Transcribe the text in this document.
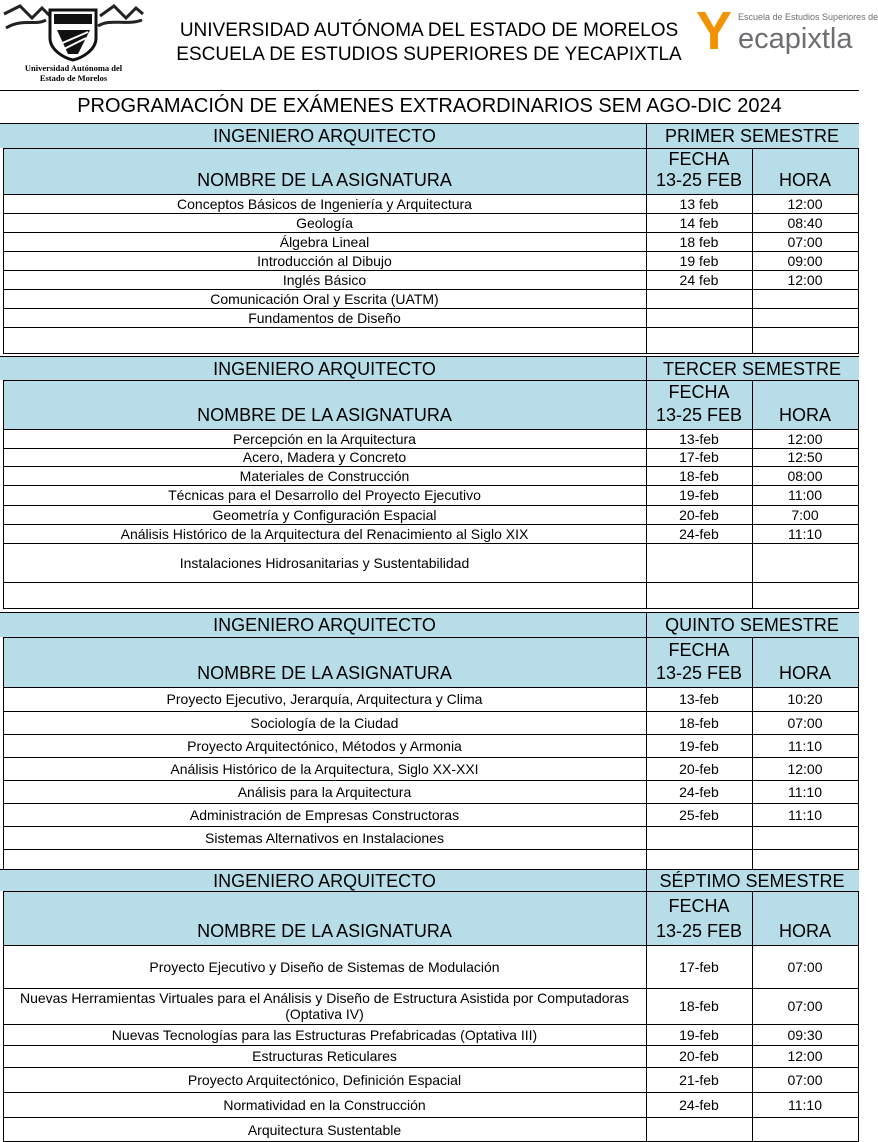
Universidad Autónoma del
Estado de Morelos
UNIVERSIDAD AUTÓNOMA DEL ESTADO DE MORELOS
ESCUELA DE ESTUDIOS SUPERIORES DE YECAPIXTLA Y Escuela de Estudios Superiores de
ecapixtla
PROGRAMACIÓN DE EXÁMENES EXTRAORDINARIOS SEM AGO-DIC 2024
INGENIERO ARQUITECTO	PRIMER SEMESTRE
NOMBRE DE LA ASIGNATURA
FECHA
13-25 FEB	HORA
Conceptos Básicos de Ingeniería y Arquitectura	13 feb	12:00
Geología	14 feb	08:40
Álgebra Lineal	18 feb	07:00
Introducción al Dibujo	19 feb	09:00
Inglés Básico	24 feb	12:00
Comunicación Oral y Escrita (UATM)
Fundamentos de Diseño
INGENIERO ARQUITECTO	TERCER SEMESTRE
NOMBRE DE LA ASIGNATURA
FECHA
13-25 FEB	HORA
Percepción en la Arquitectura	13-feb	12:00
Acero, Madera y Concreto	17-feb	12:50
Materiales de Construcción	18-feb	08:00
Técnicas para el Desarrollo del Proyecto Ejecutivo	19-feb	11:00
Geometría y Configuración Espacial	20-feb	7:00
Análisis Histórico de la Arquitectura del Renacimiento al Siglo XIX	24-feb	11:10
Instalaciones Hidrosanitarias y Sustentabilidad
INGENIERO ARQUITECTO	QUINTO SEMESTRE
NOMBRE DE LA ASIGNATURA
FECHA
13-25 FEB	HORA
Proyecto Ejecutivo, Jerarquía, Arquitectura y Clima	13-feb	10:20
Sociología de la Ciudad	18-feb	07:00
Proyecto Arquitectónico, Métodos y Armonia	19-feb	11:10
Análisis Histórico de la Arquitectura, Siglo XX-XXI	20-feb	12:00
Análisis para la Arquitectura	24-feb	11:10
Administración de Empresas Constructoras	25-feb	11:10
Sistemas Alternativos en Instalaciones
INGENIERO ARQUITECTO	SÉPTIMO SEMESTRE
NOMBRE DE LA ASIGNATURA
FECHA
13-25 FEB	HORA
Proyecto Ejecutivo y Diseño de Sistemas de Modulación	17-feb	07:00
Nuevas Herramientas Virtuales para el Análisis y Diseño de Estructura Asistida por Computadoras (Optativa IV)	18-feb	07:00
Nuevas Tecnologías para las Estructuras Prefabricadas (Optativa III)	19-feb	09:30
Estructuras Reticulares	20-feb	12:00
Proyecto Arquitectónico, Definición Espacial	21-feb	07:00
Normatividad en la Construcción	24-feb	11:10
Arquitectura Sustentable
